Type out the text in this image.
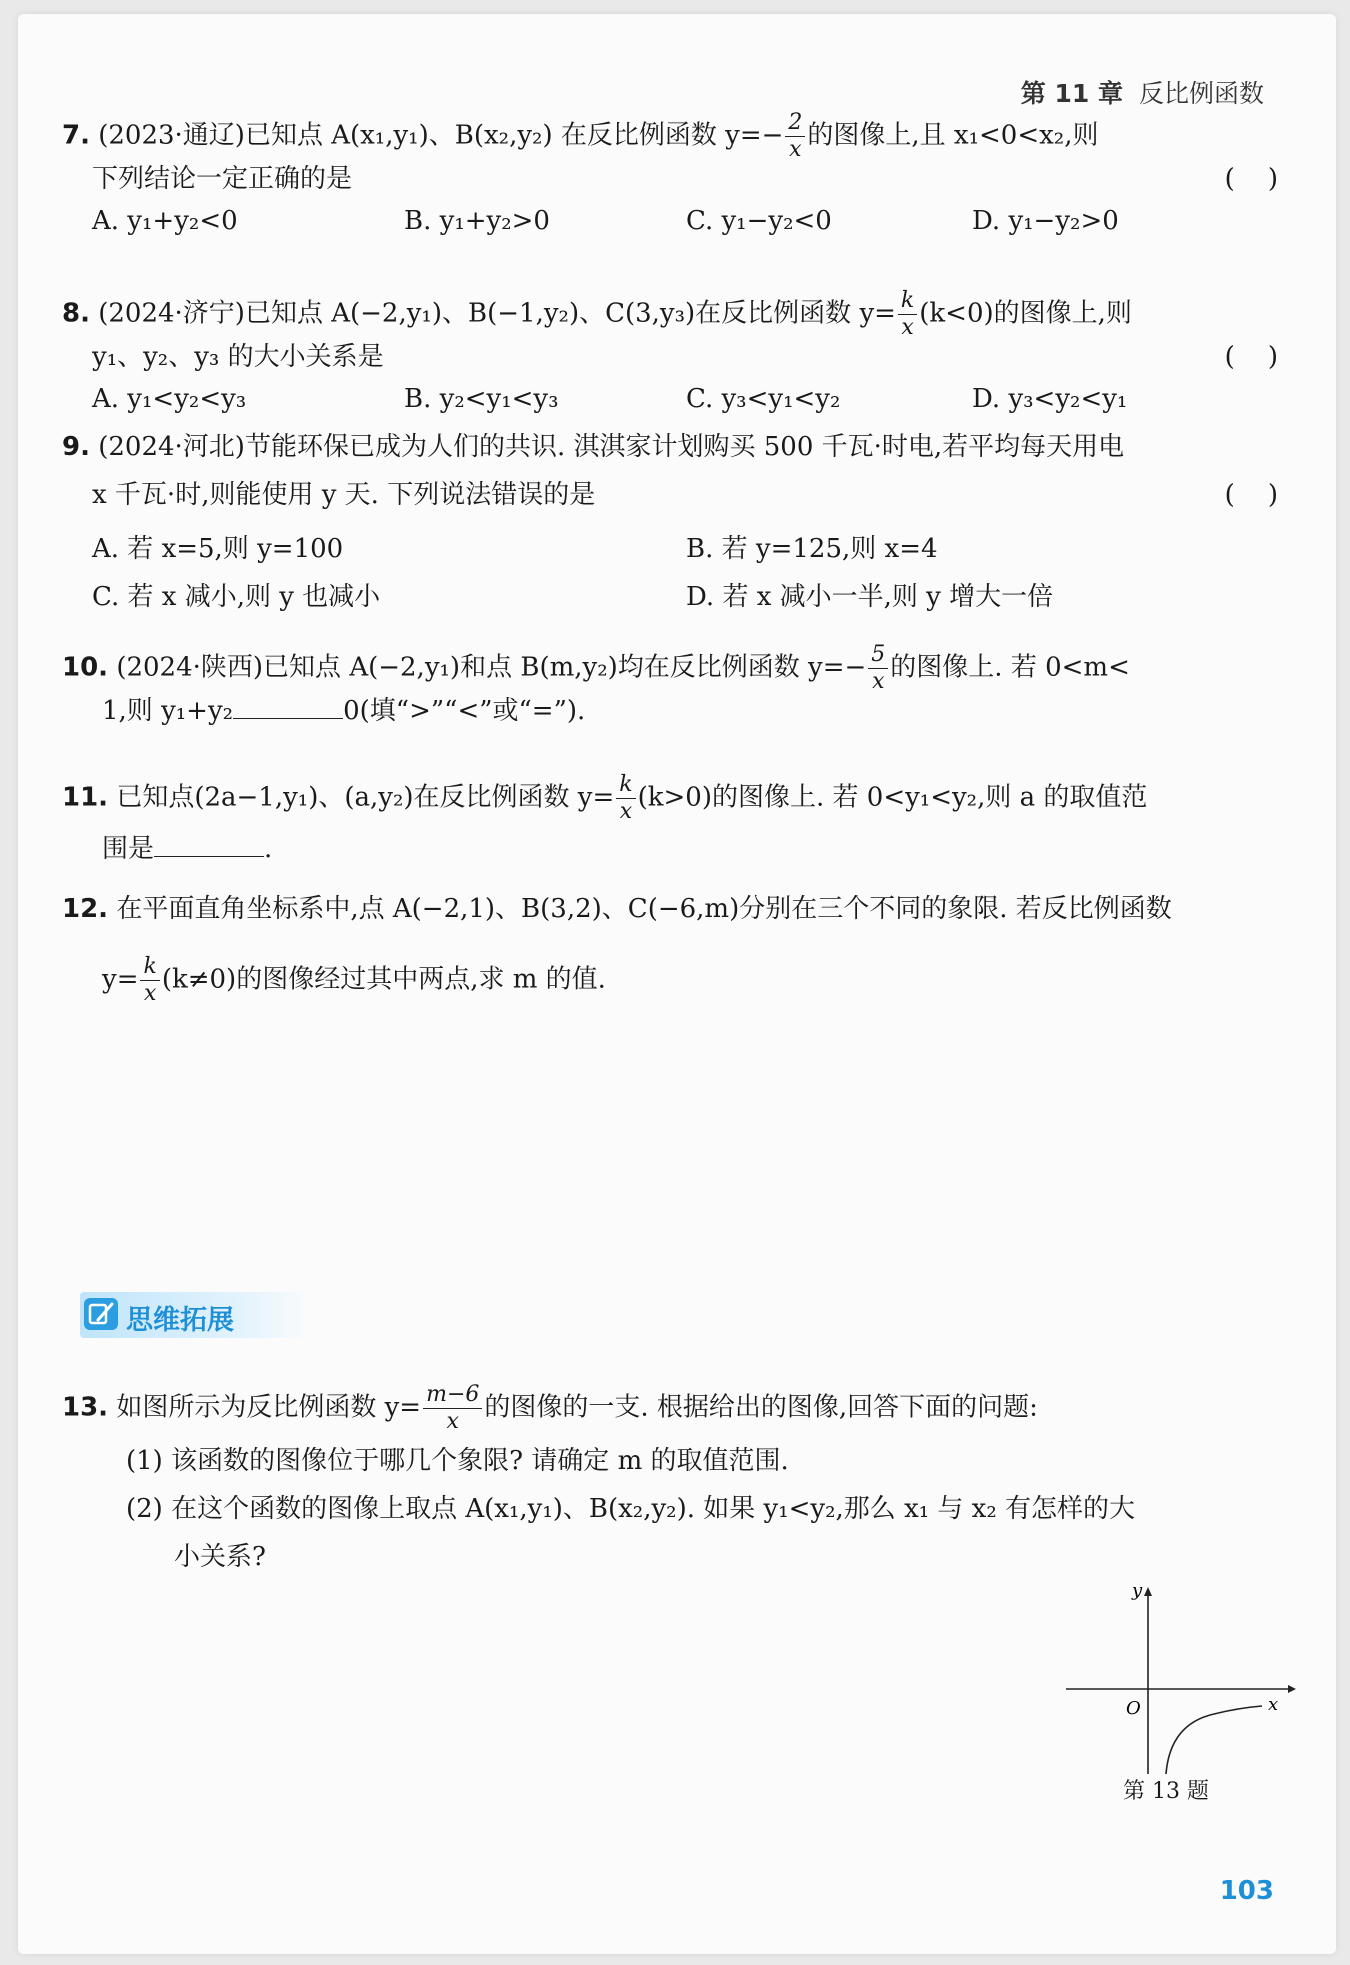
第 11 章 反比例函数
7. (2023·通辽)已知点 A(x₁,y₁)、B(x₂,y₂) 在反比例函数 $y=- \frac{2}{x}$ 的图像上,且 x₁<0<x₂,则
下列结论一定正确的是	(    )
A. y₁+y₂<0	B. y₁+y₂>0	C. y₁−y₂<0	D. y₁−y₂>0
8. (2024·济宁)已知点 A(−2,y₁)、B(−1,y₂)、C(3,y₃)在反比例函数 $y= \frac{k}{x} (k<0)$的图像上,则
y₁、y₂、y₃ 的大小关系是	(    )
A. y₁<y₂<y₃	B. y₂<y₁<y₃	C. y₃<y₁<y₂	D. y₃<y₂<y₁
9. (2024·河北)节能环保已成为人们的共识. 淇淇家计划购买 500 千瓦·时电,若平均每天用电
x 千瓦·时,则能使用 y 天. 下列说法错误的是	(    )
A. 若 x=5,则 y=100	B. 若 y=125,则 x=4
C. 若 x 减小,则 y 也减小	D. 若 x 减小一半,则 y 增大一倍
10. (2024·陕西)已知点 A(−2,y₁)和点 B(m,y₂)均在反比例函数 $y=- \frac{5}{x}$ 的图像上. 若 0<m<
1,则 y₁+y₂	0(填“>”“<”或“=”).
11. 已知点(2a−1,y₁)、(a,y₂)在反比例函数 $y= \frac{k}{x} (k>0)$的图像上. 若 0<y₁<y₂,则 a 的取值范
围是	.
12. 在平面直角坐标系中,点 A(−2,1)、B(3,2)、C(−6,m)分别在三个不同的象限. 若反比例函数
$y= \frac{k}{x} (k\ne 0)$的图像经过其中两点,求 m 的值.
思维拓展
13. 如图所示为反比例函数 $y= \frac{m-6}{x}$ 的图像的一支. 根据给出的图像,回答下面的问题:
(1) 该函数的图像位于哪几个象限? 请确定 m 的取值范围.
(2) 在这个函数的图像上取点 A(x₁,y₁)、B(x₂,y₂). 如果 y₁<y₂,那么 x₁ 与 x₂ 有怎样的大
小关系?
y
x
O
第 13 题
103
